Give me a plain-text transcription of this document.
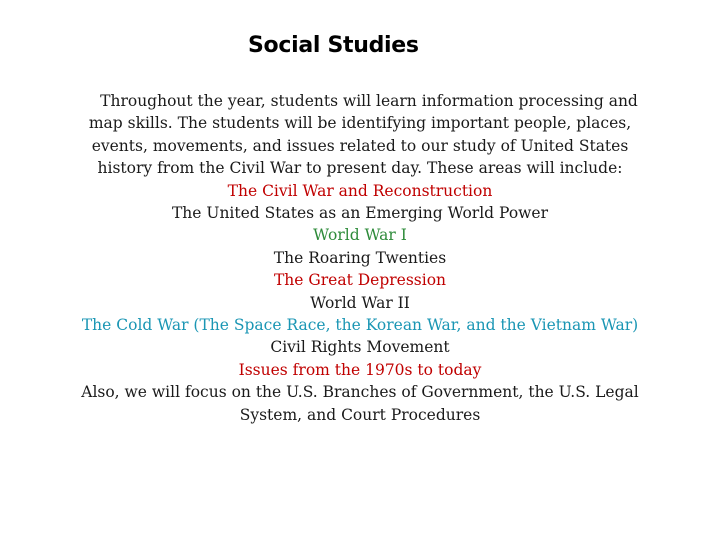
Social Studies
Throughout the year, students will learn information processing and
map skills. The students will be identifying important people, places,
events, movements, and issues related to our study of United States
history from the Civil War to present day. These areas will include:
The Civil War and Reconstruction
The United States as an Emerging World Power
World War I
The Roaring Twenties
The Great Depression
World War II
The Cold War (The Space Race, the Korean War, and the Vietnam War)
Civil Rights Movement
Issues from the 1970s to today
Also, we will focus on the U.S. Branches of Government, the U.S. Legal
System, and Court Procedures
